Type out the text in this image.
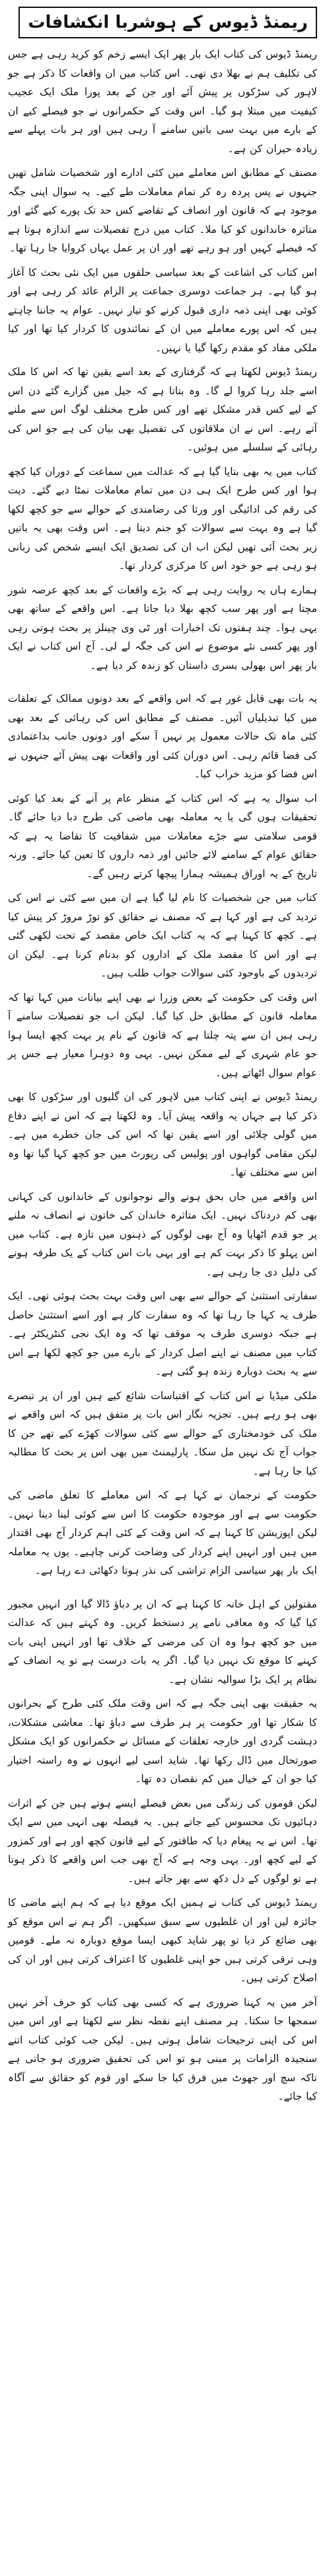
ریمنڈ ڈیوس کے ہوشربا انکشافات

ریمنڈ ڈیوس کی کتاب ایک بار پھر ایک ایسے زخم کو کرید رہی ہے جس کی تکلیف ہم نے بھلا دی تھی۔ اس کتاب میں ان واقعات کا ذکر ہے جو لاہور کی سڑکوں پر پیش آئے اور جن کے بعد پورا ملک ایک عجیب کیفیت میں مبتلا ہو گیا۔ اس وقت کے حکمرانوں نے جو فیصلے کیے ان کے بارے میں بہت سی باتیں سامنے آ رہی ہیں اور ہر بات پہلے سے زیادہ حیران کن ہے۔

مصنف کے مطابق اس معاملے میں کئی ادارے اور شخصیات شامل تھیں جنہوں نے پس پردہ رہ کر تمام معاملات طے کیے۔ یہ سوال اپنی جگہ موجود ہے کہ قانون اور انصاف کے تقاضے کس حد تک پورے کیے گئے اور متاثرہ خاندانوں کو کیا ملا۔ کتاب میں درج تفصیلات سے اندازہ ہوتا ہے کہ فیصلے کہیں اور ہو رہے تھے اور ان پر عمل یہاں کروایا جا رہا تھا۔

اس کتاب کی اشاعت کے بعد سیاسی حلقوں میں ایک نئی بحث کا آغاز ہو گیا ہے۔ ہر جماعت دوسری جماعت پر الزام عائد کر رہی ہے اور کوئی بھی اپنی ذمہ داری قبول کرنے کو تیار نہیں۔ عوام یہ جاننا چاہتے ہیں کہ اس پورے معاملے میں ان کے نمائندوں کا کردار کیا تھا اور کیا ملکی مفاد کو مقدم رکھا گیا یا نہیں۔

ریمنڈ ڈیوس لکھتا ہے کہ گرفتاری کے بعد اسے یقین تھا کہ اس کا ملک اسے جلد رہا کروا لے گا۔ وہ بتاتا ہے کہ جیل میں گزارے گئے دن اس کے لیے کس قدر مشکل تھے اور کس طرح مختلف لوگ اس سے ملنے آتے رہے۔ اس نے ان ملاقاتوں کی تفصیل بھی بیان کی ہے جو اس کی رہائی کے سلسلے میں ہوئیں۔

کتاب میں یہ بھی بتایا گیا ہے کہ عدالت میں سماعت کے دوران کیا کچھ ہوا اور کس طرح ایک ہی دن میں تمام معاملات نمٹا دیے گئے۔ دیت کی رقم کی ادائیگی اور ورثا کی رضامندی کے حوالے سے جو کچھ لکھا گیا ہے وہ بہت سے سوالات کو جنم دیتا ہے۔ اس وقت بھی یہ باتیں زیر بحث آئی تھیں لیکن اب ان کی تصدیق ایک ایسے شخص کی زبانی ہو رہی ہے جو خود اس کا مرکزی کردار تھا۔

ہمارے ہاں یہ روایت رہی ہے کہ بڑے واقعات کے بعد کچھ عرصہ شور مچتا ہے اور پھر سب کچھ بھلا دیا جاتا ہے۔ اس واقعے کے ساتھ بھی یہی ہوا۔ چند ہفتوں تک اخبارات اور ٹی وی چینلز پر بحث ہوتی رہی اور پھر کسی نئے موضوع نے اس کی جگہ لے لی۔ آج اس کتاب نے ایک بار پھر اس بھولی بسری داستان کو زندہ کر دیا ہے۔

یہ بات بھی قابل غور ہے کہ اس واقعے کے بعد دونوں ممالک کے تعلقات میں کیا تبدیلیاں آئیں۔ مصنف کے مطابق اس کی رہائی کے بعد بھی کئی ماہ تک حالات معمول پر نہیں آ سکے اور دونوں جانب بداعتمادی کی فضا قائم رہی۔ اس دوران کئی اور واقعات بھی پیش آئے جنہوں نے اس فضا کو مزید خراب کیا۔

اب سوال یہ ہے کہ اس کتاب کے منظر عام پر آنے کے بعد کیا کوئی تحقیقات ہوں گی یا یہ معاملہ بھی ماضی کی طرح دبا دیا جائے گا۔ قومی سلامتی سے جڑے معاملات میں شفافیت کا تقاضا یہ ہے کہ حقائق عوام کے سامنے لائے جائیں اور ذمہ داروں کا تعین کیا جائے۔ ورنہ تاریخ کے یہ اوراق ہمیشہ ہمارا پیچھا کرتے رہیں گے۔

کتاب میں جن شخصیات کا نام لیا گیا ہے ان میں سے کئی نے اس کی تردید کی ہے اور کہا ہے کہ مصنف نے حقائق کو توڑ مروڑ کر پیش کیا ہے۔ کچھ کا کہنا ہے کہ یہ کتاب ایک خاص مقصد کے تحت لکھی گئی ہے اور اس کا مقصد ملک کے اداروں کو بدنام کرنا ہے۔ لیکن ان تردیدوں کے باوجود کئی سوالات جواب طلب ہیں۔

اس وقت کی حکومت کے بعض وزرا نے بھی اپنے بیانات میں کہا تھا کہ معاملہ قانون کے مطابق حل کیا گیا۔ لیکن اب جو تفصیلات سامنے آ رہی ہیں ان سے پتہ چلتا ہے کہ قانون کے نام پر بہت کچھ ایسا ہوا جو عام شہری کے لیے ممکن نہیں۔ یہی وہ دوہرا معیار ہے جس پر عوام سوال اٹھاتے ہیں۔

ریمنڈ ڈیوس نے اپنی کتاب میں لاہور کی ان گلیوں اور سڑکوں کا بھی ذکر کیا ہے جہاں یہ واقعہ پیش آیا۔ وہ لکھتا ہے کہ اس نے اپنے دفاع میں گولی چلائی اور اسے یقین تھا کہ اس کی جان خطرے میں ہے۔ لیکن مقامی گواہوں اور پولیس کی رپورٹ میں جو کچھ کہا گیا تھا وہ اس سے مختلف تھا۔

اس واقعے میں جاں بحق ہونے والے نوجوانوں کے خاندانوں کی کہانی بھی کم دردناک نہیں۔ ایک متاثرہ خاندان کی خاتون نے انصاف نہ ملنے پر جو قدم اٹھایا وہ آج بھی لوگوں کے ذہنوں میں تازہ ہے۔ کتاب میں اس پہلو کا ذکر بہت کم ہے اور یہی بات اس کتاب کے یک طرفہ ہونے کی دلیل دی جا رہی ہے۔

سفارتی استثنیٰ کے حوالے سے بھی اس وقت بہت بحث ہوئی تھی۔ ایک طرف یہ کہا جا رہا تھا کہ وہ سفارت کار ہے اور اسے استثنیٰ حاصل ہے جبکہ دوسری طرف یہ موقف تھا کہ وہ ایک نجی کنٹریکٹر ہے۔ کتاب میں مصنف نے اپنے اصل کردار کے بارے میں جو کچھ لکھا ہے اس سے یہ بحث دوبارہ زندہ ہو گئی ہے۔

ملکی میڈیا نے اس کتاب کے اقتباسات شائع کیے ہیں اور ان پر تبصرے بھی ہو رہے ہیں۔ تجزیہ نگار اس بات پر متفق ہیں کہ اس واقعے نے ملک کی خودمختاری کے حوالے سے کئی سوالات کھڑے کیے تھے جن کا جواب آج تک نہیں مل سکا۔ پارلیمنٹ میں بھی اس پر بحث کا مطالبہ کیا جا رہا ہے۔

حکومت کے ترجمان نے کہا ہے کہ اس معاملے کا تعلق ماضی کی حکومت سے ہے اور موجودہ حکومت کا اس سے کوئی لینا دینا نہیں۔ لیکن اپوزیشن کا کہنا ہے کہ اس وقت کے کئی اہم کردار آج بھی اقتدار میں ہیں اور انہیں اپنے کردار کی وضاحت کرنی چاہیے۔ یوں یہ معاملہ ایک بار پھر سیاسی الزام تراشی کی نذر ہوتا دکھائی دے رہا ہے۔

مقتولین کے اہل خانہ کا کہنا ہے کہ ان پر دباؤ ڈالا گیا اور انہیں مجبور کیا گیا کہ وہ معافی نامے پر دستخط کریں۔ وہ کہتے ہیں کہ عدالت میں جو کچھ ہوا وہ ان کی مرضی کے خلاف تھا اور انہیں اپنی بات کہنے کا موقع تک نہیں دیا گیا۔ اگر یہ بات درست ہے تو یہ انصاف کے نظام پر ایک بڑا سوالیہ نشان ہے۔

یہ حقیقت بھی اپنی جگہ ہے کہ اس وقت ملک کئی طرح کے بحرانوں کا شکار تھا اور حکومت پر ہر طرف سے دباؤ تھا۔ معاشی مشکلات، دہشت گردی اور خارجہ تعلقات کے مسائل نے حکمرانوں کو ایک مشکل صورتحال میں ڈال رکھا تھا۔ شاید اسی لیے انہوں نے وہ راستہ اختیار کیا جو ان کے خیال میں کم نقصان دہ تھا۔

لیکن قوموں کی زندگی میں بعض فیصلے ایسے ہوتے ہیں جن کے اثرات دہائیوں تک محسوس کیے جاتے ہیں۔ یہ فیصلہ بھی انہی میں سے ایک تھا۔ اس نے یہ پیغام دیا کہ طاقتور کے لیے قانون کچھ اور ہے اور کمزور کے لیے کچھ اور۔ یہی وجہ ہے کہ آج بھی جب اس واقعے کا ذکر ہوتا ہے تو لوگوں کے دل دکھ سے بھر جاتے ہیں۔

ریمنڈ ڈیوس کی کتاب نے ہمیں ایک موقع دیا ہے کہ ہم اپنے ماضی کا جائزہ لیں اور ان غلطیوں سے سبق سیکھیں۔ اگر ہم نے اس موقع کو بھی ضائع کر دیا تو پھر شاید کبھی ایسا موقع دوبارہ نہ ملے۔ قومیں وہی ترقی کرتی ہیں جو اپنی غلطیوں کا اعتراف کرتی ہیں اور ان کی اصلاح کرتی ہیں۔

آخر میں یہ کہنا ضروری ہے کہ کسی بھی کتاب کو حرف آخر نہیں سمجھا جا سکتا۔ ہر مصنف اپنے نقطہ نظر سے لکھتا ہے اور اس میں اس کی اپنی ترجیحات شامل ہوتی ہیں۔ لیکن جب کوئی کتاب اتنے سنجیدہ الزامات پر مبنی ہو تو اس کی تحقیق ضروری ہو جاتی ہے تاکہ سچ اور جھوٹ میں فرق کیا جا سکے اور قوم کو حقائق سے آگاہ کیا جائے۔
